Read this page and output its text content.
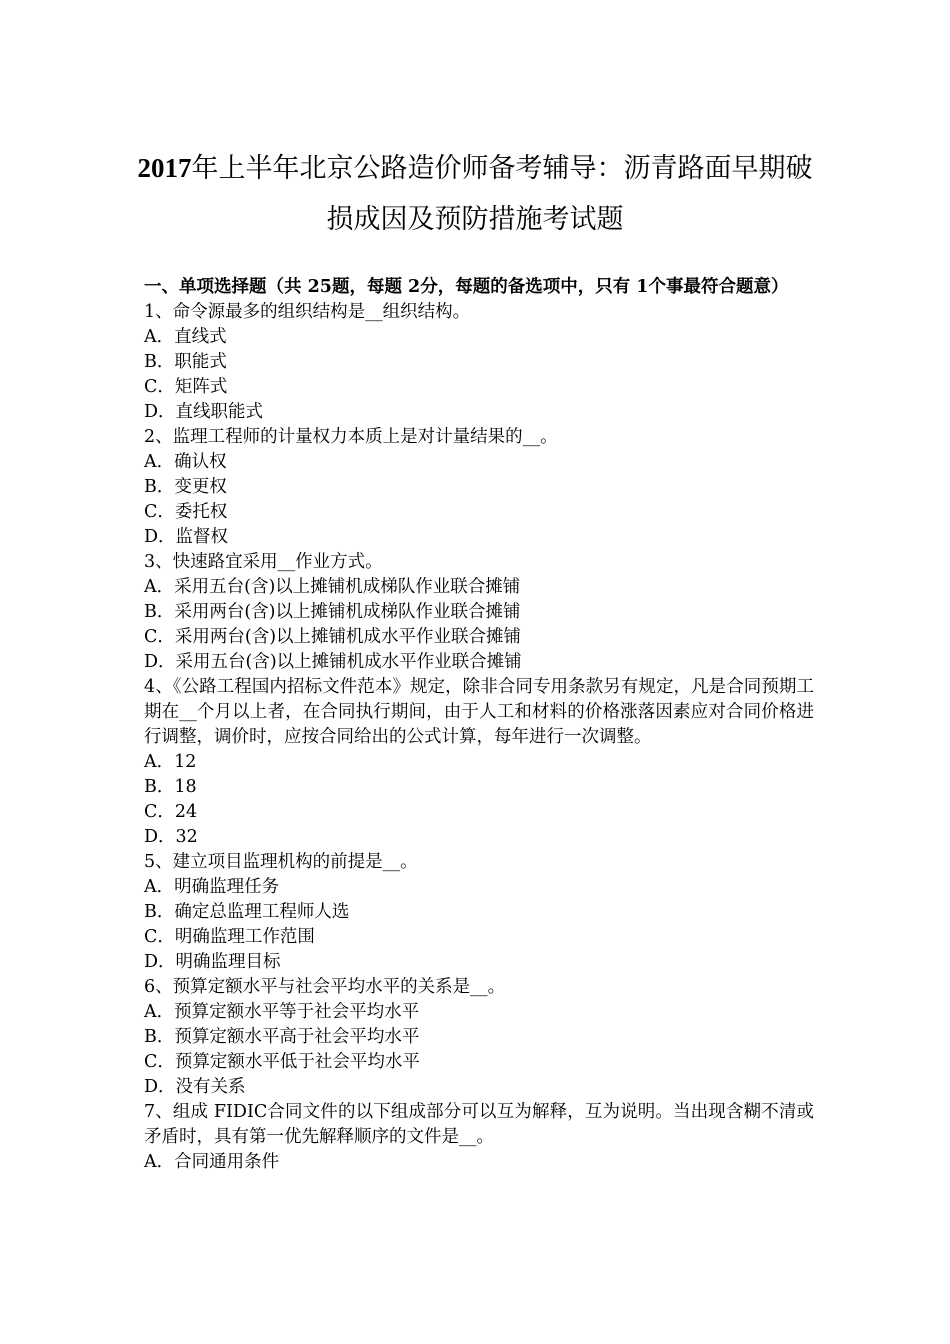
2017年上半年北京公路造价师备考辅导：沥青路面早期破
损成因及预防措施考试题

一、单项选择题（共 25题，每题 2分，每题的备选项中，只有 1个事最符合题意）

1、命令源最多的组织结构是__组织结构。

A．直线式

B．职能式

C．矩阵式

D．直线职能式

2、监理工程师的计量权力本质上是对计量结果的__。

A．确认权

B．变更权

C．委托权

D．监督权

3、快速路宜采用__作业方式。

A．采用五台(含)以上摊铺机成梯队作业联合摊铺

B．采用两台(含)以上摊铺机成梯队作业联合摊铺

C．采用两台(含)以上摊铺机成水平作业联合摊铺

D．采用五台(含)以上摊铺机成水平作业联合摊铺

4、《公路工程国内招标文件范本》规定，除非合同专用条款另有规定，凡是合同预期工期在__个月以上者，在合同执行期间，由于人工和材料的价格涨落因素应对合同价格进行调整，调价时，应按合同给出的公式计算，每年进行一次调整。

A．12

B．18

C．24

D．32

5、建立项目监理机构的前提是__。

A．明确监理任务

B．确定总监理工程师人选

C．明确监理工作范围

D．明确监理目标

6、预算定额水平与社会平均水平的关系是__。

A．预算定额水平等于社会平均水平

B．预算定额水平高于社会平均水平

C．预算定额水平低于社会平均水平

D．没有关系

7、组成 FIDIC合同文件的以下组成部分可以互为解释，互为说明。当出现含糊不清或矛盾时，具有第一优先解释顺序的文件是__。

A．合同通用条件
